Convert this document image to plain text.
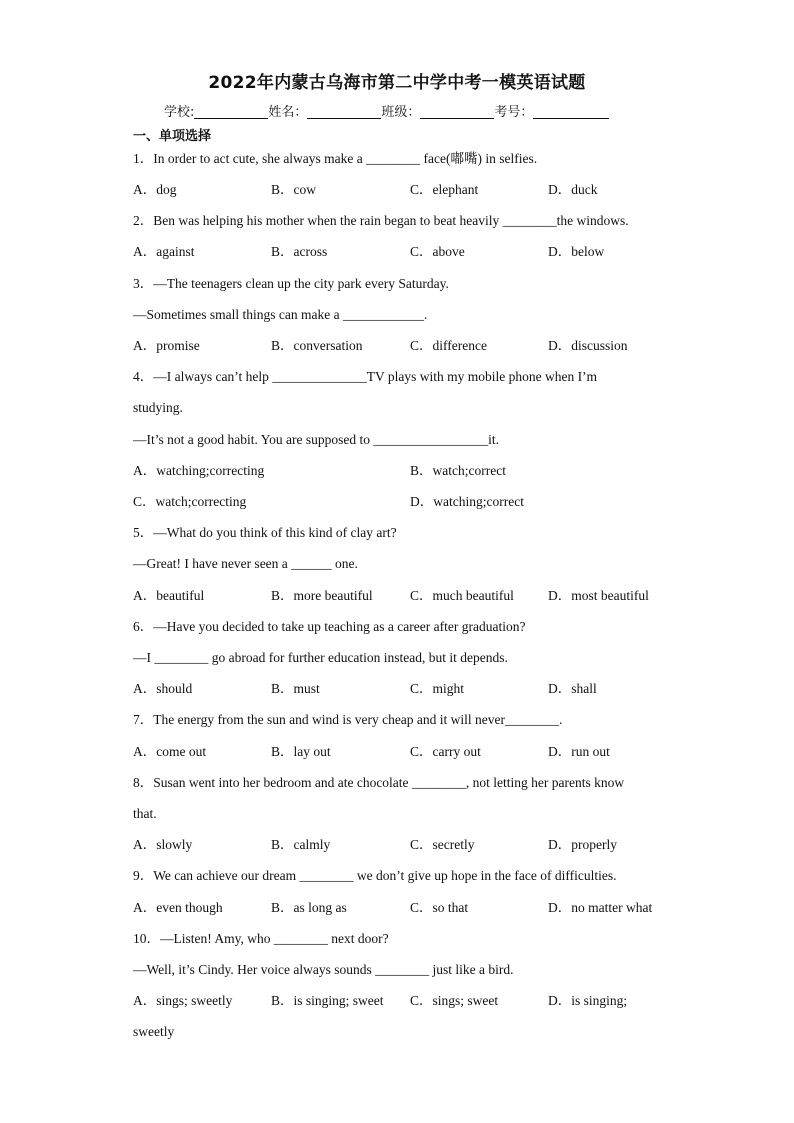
2022年内蒙古乌海市第二中学中考一模英语试题
学校:	姓名：	班级：	考号：
一、单项选择
1．In order to act cute, she always make a ________ face(嘟嘴) in selfies.
2．Ben was helping his mother when the rain began to beat heavily ________the windows.
3．—The teenagers clean up the city park every Saturday.
—Sometimes small things can make a ____________.
4．—I always can’t help ______________TV plays with my mobile phone when I’m
studying.
—It’s not a good habit. You are supposed to _________________it.
5．—What do you think of this kind of clay art?
—Great! I have never seen a ______ one.
6．—Have you decided to take up teaching as a career after graduation?
—I ________ go abroad for further education instead, but it depends.
7．The energy from the sun and wind is very cheap and it will never________.
8．Susan went into her bedroom and ate chocolate ________, not letting her parents know
that.
9．We can achieve our dream ________ we don’t give up hope in the face of difficulties.
10．—Listen! Amy, who ________ next door?
—Well, it’s Cindy. Her voice always sounds ________ just like a bird.
sweetly
A．dog	B．cow	C．elephant	D．duck
A．against	B．across	C．above	D．below
A．promise	B．conversation	C．difference	D．discussion
A．watching;correcting	B．watch;correct
C．watch;correcting	D．watching;correct
A．beautiful	B．more beautiful	C．much beautiful	D．most beautiful
A．should	B．must	C．might	D．shall
A．come out	B．lay out	C．carry out	D．run out
A．slowly	B．calmly	C．secretly	D．properly
A．even though	B．as long as	C．so that	D．no matter what
A．sings; sweetly	B．is singing; sweet C．sings; sweet	D．is singing;
